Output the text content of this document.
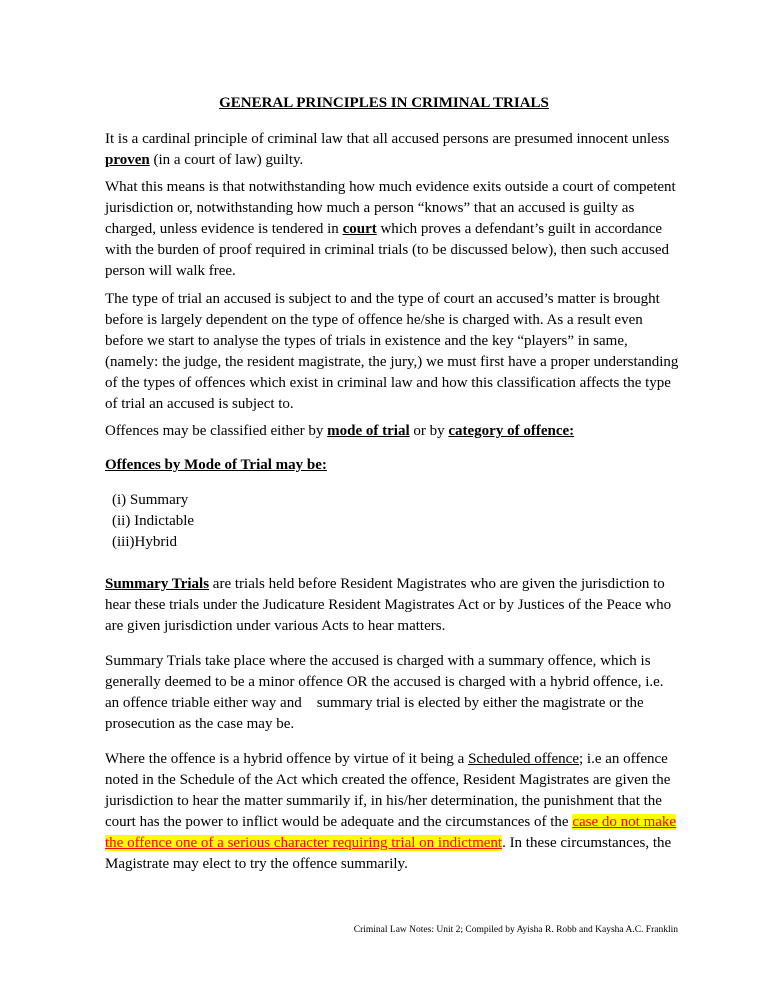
GENERAL PRINCIPLES IN CRIMINAL TRIALS

It is a cardinal principle of criminal law that all accused persons are presumed innocent unless proven (in a court of law) guilty.

What this means is that notwithstanding how much evidence exits outside a court of competent jurisdiction or, notwithstanding how much a person “knows” that an accused is guilty as charged, unless evidence is tendered in court which proves a defendant’s guilt in accordance with the burden of proof required in criminal trials (to be discussed below), then such accused person will walk free.

The type of trial an accused is subject to and the type of court an accused’s matter is brought before is largely dependent on the type of offence he/she is charged with. As a result even before we start to analyse the types of trials in existence and the key “players” in same,(namely: the judge, the resident magistrate, the jury,) we must first have a proper understanding of the types of offences which exist in criminal law and how this classification affects the type of trial an accused is subject to.

Offences may be classified either by mode of trial or by category of offence:

Offences by Mode of Trial may be:

(i) Summary
(ii) Indictable
(iii)Hybrid

Summary Trials are trials held before Resident Magistrates who are given the jurisdiction to hear these trials under the Judicature Resident Magistrates Act or by Justices of the Peace who are given jurisdiction under various Acts to hear matters.

Summary Trials take place where the accused is charged with a summary offence, which is generally deemed to be a minor offence OR the accused is charged with a hybrid offence, i.e. an offence triable either way and    summary trial is elected by either the magistrate or the prosecution as the case may be.

Where the offence is a hybrid offence by virtue of it being a Scheduled offence; i.e an offence noted in the Schedule of the Act which created the offence, Resident Magistrates are given the jurisdiction to hear the matter summarily if, in his/her determination, the punishment that the court has the power to inflict would be adequate and the circumstances of the case do not make the offence one of a serious character requiring trial on indictment. In these circumstances, the Magistrate may elect to try the offence summarily.

Criminal Law Notes: Unit 2; Compiled by Ayisha R. Robb and Kaysha A.C. Franklin
